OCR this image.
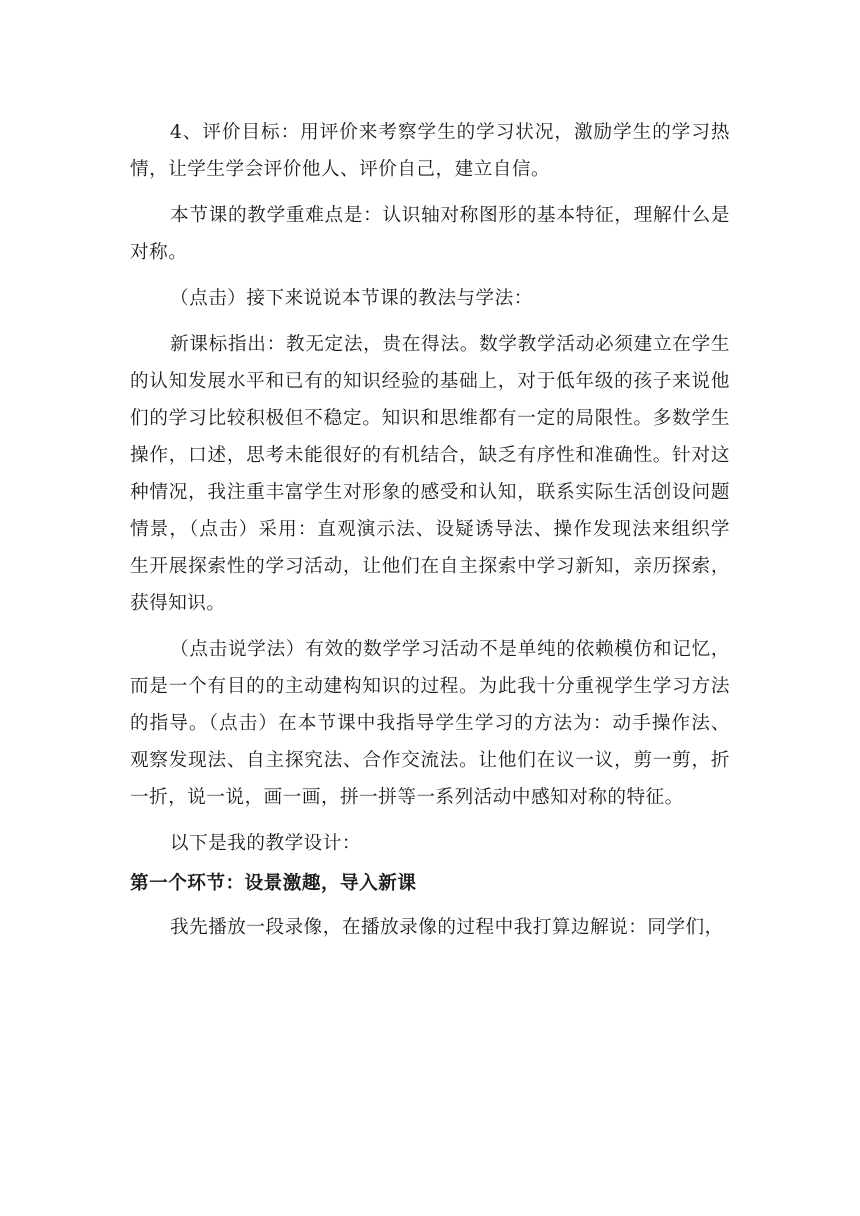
4、评价目标：用评价来考察学生的学习状况，激励学生的学习热情，让学生学会评价他人、评价自己，建立自信。

本节课的教学重难点是：认识轴对称图形的基本特征，理解什么是对称。

（点击）接下来说说本节课的教法与学法：

新课标指出：教无定法，贵在得法。数学教学活动必须建立在学生的认知发展水平和已有的知识经验的基础上，对于低年级的孩子来说他们的学习比较积极但不稳定。知识和思维都有一定的局限性。多数学生操作，口述，思考未能很好的有机结合，缺乏有序性和准确性。针对这种情况，我注重丰富学生对形象的感受和认知，联系实际生活创设问题情景，（点击）采用：直观演示法、设疑诱导法、操作发现法来组织学生开展探索性的学习活动，让他们在自主探索中学习新知，亲历探索，获得知识。

（点击说学法）有效的数学学习活动不是单纯的依赖模仿和记忆，而是一个有目的的主动建构知识的过程。为此我十分重视学生学习方法的指导。（点击）在本节课中我指导学生学习的方法为：动手操作法、观察发现法、自主探究法、合作交流法。让他们在议一议，剪一剪，折一折，说一说，画一画，拼一拼等一系列活动中感知对称的特征。

以下是我的教学设计：

第一个环节：设景激趣，导入新课

我先播放一段录像，在播放录像的过程中我打算边解说：同学们，
